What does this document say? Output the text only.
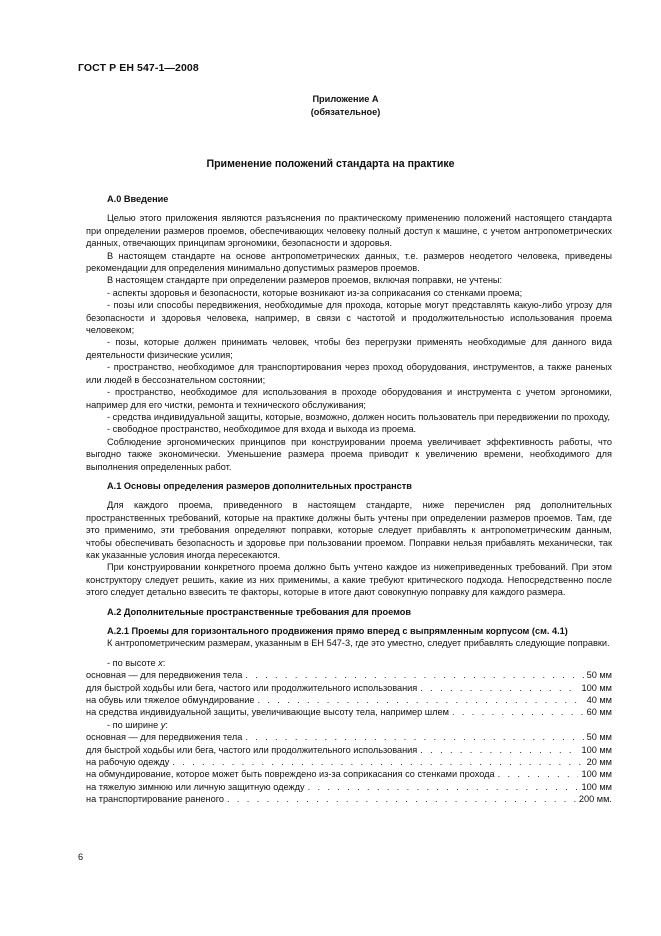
ГОСТ Р ЕН 547-1—2008
Приложение А
(обязательное)
Применение положений стандарта на практике
А.0 Введение

Целью этого приложения являются разъяснения по практическому применению положений настоящего стандарта при определении размеров проемов, обеспечивающих человеку полный доступ к машине, с учетом антропометрических данных, отвечающих принципам эргономики, безопасности и здоровья.

В настоящем стандарте на основе антропометрических данных, т.е. размеров неодетого человека, приведены рекомендации для определения минимально допустимых размеров проемов.

В настоящем стандарте при определении размеров проемов, включая поправки, не учтены:

- аспекты здоровья и безопасности, которые возникают из-за соприкасания со стенками проема;

- позы или способы передвижения, необходимые для прохода, которые могут представлять какую-либо угрозу для безопасности и здоровья человека, например, в связи с частотой и продолжительностью использования проема человеком;

- позы, которые должен принимать человек, чтобы без перегрузки применять необходимые для данного вида деятельности физические усилия;

- пространство, необходимое для транспортирования через проход оборудования, инструментов, а также раненых или людей в бессознательном состоянии;

- пространство, необходимое для использования в проходе оборудования и инструмента с учетом эргономики, например для его чистки, ремонта и технического обслуживания;

- средства индивидуальной защиты, которые, возможно, должен носить пользователь при передвижении по проходу,

- свободное пространство, необходимое для входа и выхода из проема.

Соблюдение эргономических принципов при конструировании проема увеличивает эффективность работы, что выгодно также экономически. Уменьшение размера проема приводит к увеличению времени, необходимого для выполнения определенных работ.

А.1 Основы определения размеров дополнительных пространств

Для каждого проема, приведенного в настоящем стандарте, ниже перечислен ряд дополнительных пространственных требований, которые на практике должны быть учтены при определении размеров проемов. Там, где это применимо, эти требования определяют поправки, которые следует прибавлять к антропометрическим данным, чтобы обеспечивать безопасность и здоровье при пользовании проемом. Поправки нельзя прибавлять механически, так как указанные условия иногда пересекаются.

При конструировании конкретного проема должно быть учтено каждое из нижеприведенных требований. При этом конструктору следует решить, какие из них применимы, а какие требуют критического подхода. Непосредственно после этого следует детально взвесить те факторы, которые в итоге дают совокупную поправку для каждого размера.

А.2 Дополнительные пространственные требования для проемов
А.2.1 Проемы для горизонтального продвижения прямо вперед с выпрямленным корпусом (см. 4.1)

К антропометрическим размерам, указанным в ЕН 547-3, где это уместно, следует прибавлять следующие поправки.

- по высоте x:
основная — для передвижения тела . . .	50 мм
для быстрой ходьбы или бега, частого или продолжительного использования . . .	100 мм
на обувь или тяжелое обмундирование . . .	40 мм
на средства индивидуальной защиты, увеличивающие высоту тела, например шлем . . .	60 мм
- по ширине y:
основная — для передвижения тела . . .	50 мм
для быстрой ходьбы или бега, частого или продолжительного использования . . .	100 мм
на рабочую одежду . . .	20 мм
на обмундирование, которое может быть повреждено из-за соприкасания со стенками прохода . . .	100 мм
на тяжелую зимнюю или личную защитную одежду . . .	100 мм
на транспортирование раненого . . .	200 мм.
6
